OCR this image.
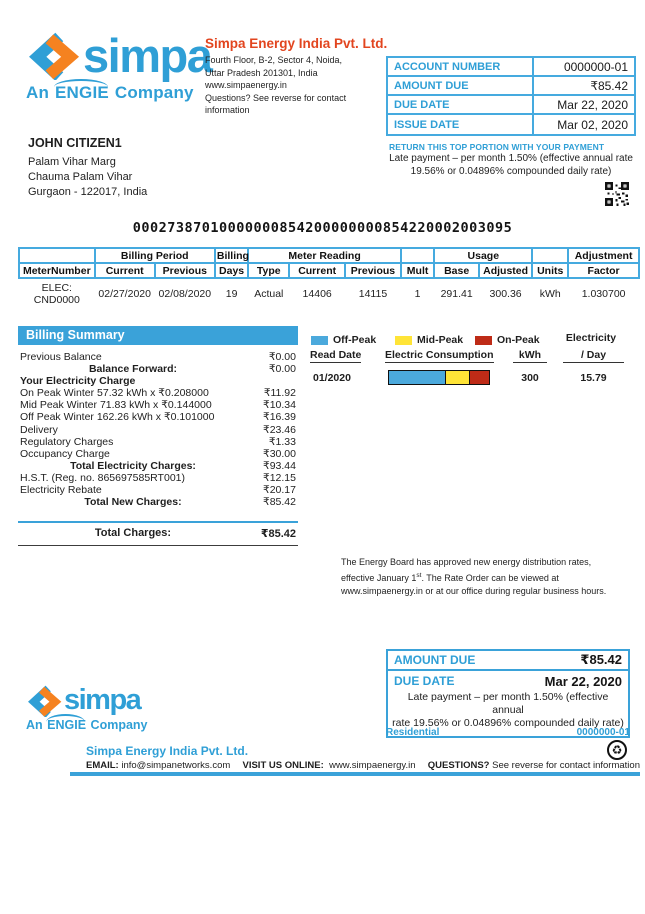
simpa
An ENGIE Company
Simpa Energy India Pvt. Ltd.
Fourth Floor, B-2, Sector 4, Noida,
Uttar Pradesh 201301, India
www.simpaenergy.in
Questions? See reverse for contact information
ACCOUNT NUMBER	0000000-01
AMOUNT DUE	₹85.42
DUE DATE	Mar 22, 2020
ISSUE DATE	Mar 02, 2020
RETURN THIS TOP PORTION WITH YOUR PAYMENT
Late payment – per month 1.50% (effective annual rate
19.56% or 0.04896% compounded daily rate)
JOHN CITIZEN1
Palam Vihar Marg
Chauma Palam Vihar
Gurgaon - 122017, India
00027387010000000854200000000854220002003095
	Billing Period		Billing	Meter Reading				Usage			Adjustment
MeterNumber	Current	Previous	Days	Type	Current	Previous	Mult	Base	Adjusted	Units	Factor
ELEC: CND0000	02/27/2020	02/08/2020	19	Actual	14406	14115	1	291.41	300.36	kWh	1.030700
Billing Summary
Previous Balance	₹0.00
Balance Forward:	₹0.00
Your Electricity Charge
On Peak Winter 57.32 kWh x ₹0.208000	₹11.92
Mid Peak Winter 71.83 kWh x ₹0.144000	₹10.34
Off Peak Winter 162.26 kWh x ₹0.101000	₹16.39
Delivery	₹23.46
Regulatory Charges	₹1.33
Occupancy Charge	₹30.00
Total Electricity Charges:	₹93.44
H.S.T. (Reg. no. 865697585RT001)	₹12.15
Electricity Rebate	₹20.17
Total New Charges:	₹85.42
Total Charges:	₹85.42
Off-Peak	Mid-Peak	On-Peak	Electricity
Read Date Electric Consumption	kWh	/ Day
01/2020	300	15.79
The Energy Board has approved new energy distribution rates,
effective January 1st. The Rate Order can be viewed at
www.simpaenergy.in or at our office during regular business hours.
AMOUNT DUE	₹85.42
DUE DATE	Mar 22, 2020
Late payment – per month 1.50% (effective annual
rate 19.56% or 0.04896% compounded daily rate)
Residential	0000000-01
♻
simpa
An ENGIE Company
Simpa Energy India Pvt. Ltd.
EMAIL: info@simpanetworks.com VISIT US ONLINE: www.simpaenergy.in QUESTIONS? See reverse for contact information
